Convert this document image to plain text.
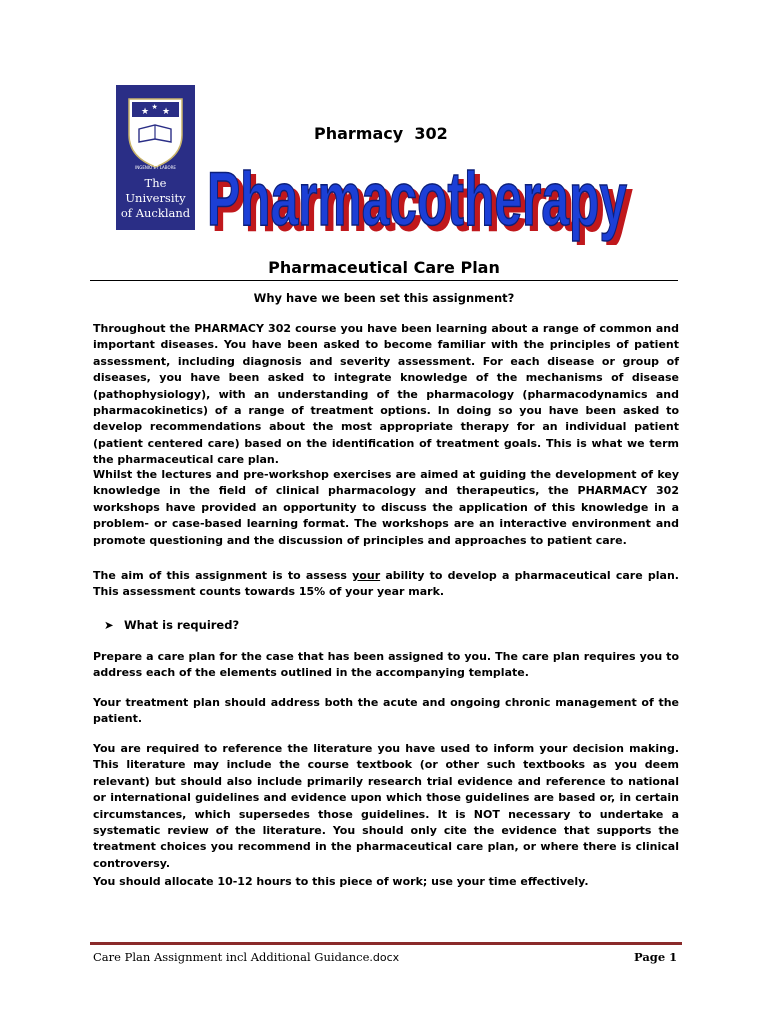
★ ★
★
INGENIO ET LABORE
The
University
of Auckland
Pharmacy  302
Pharmacotherapy
Pharmacotherapy
Pharmaceutical Care Plan
Why have we been set this assignment?
Throughout the PHARMACY 302 course you have been learning about a range of common and important diseases. You have been asked to become familiar with the principles of patient assessment, including diagnosis and severity assessment. For each disease or group of diseases, you have been asked to integrate knowledge of the mechanisms of disease (pathophysiology), with an understanding of the pharmacology (pharmacodynamics and pharmacokinetics) of a range of treatment options. In doing so you have been asked to develop recommendations about the most appropriate therapy for an individual patient (patient centered care) based on the identification of treatment goals. This is what we term the pharmaceutical care plan.
Whilst the lectures and pre-workshop exercises are aimed at guiding the development of key knowledge in the field of clinical pharmacology and therapeutics, the PHARMACY 302 workshops have provided an opportunity to discuss the application of this knowledge in a problem- or case-based learning format. The workshops are an interactive environment and promote questioning and the discussion of principles and approaches to patient care.
The aim of this assignment is to assess your ability to develop a pharmaceutical care plan. This assessment counts towards 15% of your year mark.
➤ What is required?
Prepare a care plan for the case that has been assigned to you. The care plan requires you to address each of the elements outlined in the accompanying template.
Your treatment plan should address both the acute and ongoing chronic management of the patient.
You are required to reference the literature you have used to inform your decision making. This literature may include the course textbook (or other such textbooks as you deem relevant) but should also include primarily research trial evidence and reference to national or international guidelines and evidence upon which those guidelines are based or, in certain circumstances, which supersedes those guidelines. It is NOT necessary to undertake a systematic review of the literature. You should only cite the evidence that supports the treatment choices you recommend in the pharmaceutical care plan, or where there is clinical controversy.
You should allocate 10-12 hours to this piece of work; use your time effectively.
Care Plan Assignment incl Additional Guidance.docx	Page 1
